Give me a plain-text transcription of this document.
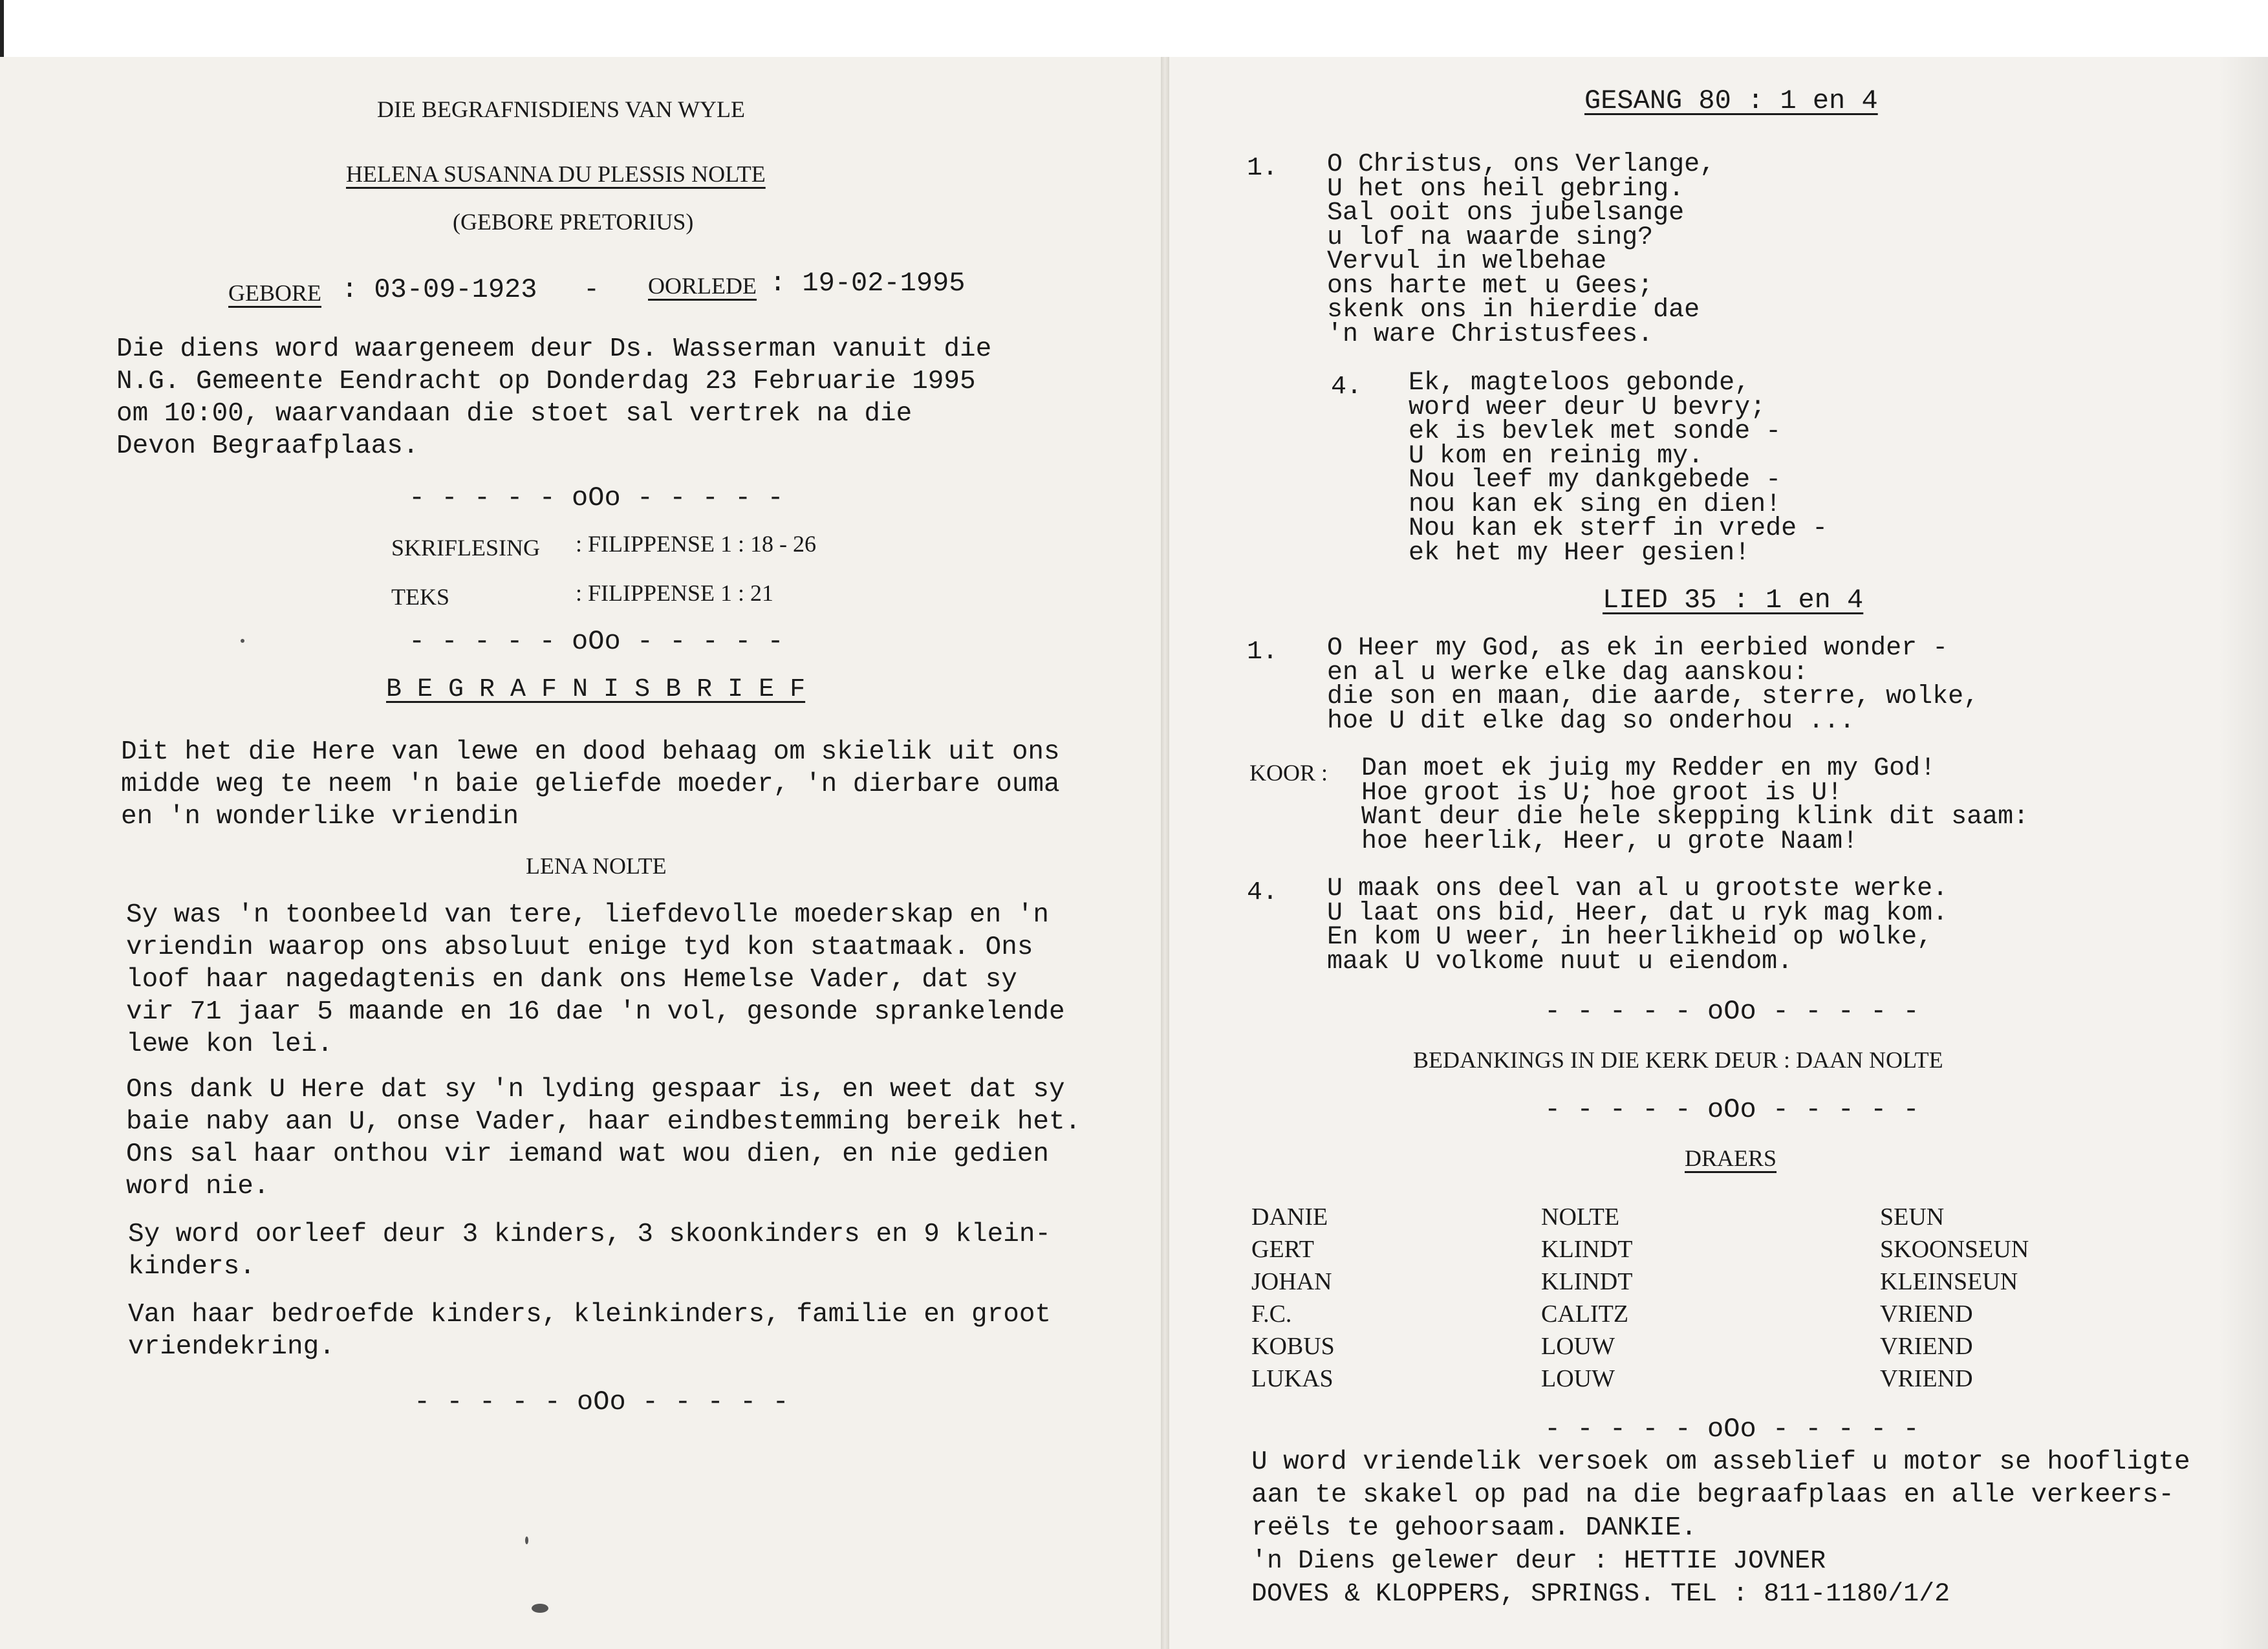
DIE BEGRAFNISDIENS VAN WYLE
HELENA SUSANNA DU PLESSIS NOLTE
(GEBORE PRETORIUS)
GEBORE : 03-09-1923 - OORLEDE : 19-02-1995
Die diens word waargeneem deur Ds. Wasserman vanuit die
N.G. Gemeente Eendracht op Donderdag 23 Februarie 1995
om 10:00, waarvandaan die stoet sal vertrek na die
Devon Begraafplaas.
- - - - - oOo - - - - -
SKRIFLESING : FILIPPENSE 1 : 18 - 26
TEKS	: FILIPPENSE 1 : 21
- - - - - oOo - - - - -
B E G R A F N I S B R I E F
Dit het die Here van lewe en dood behaag om skielik uit ons
midde weg te neem 'n baie geliefde moeder, 'n dierbare ouma
en 'n wonderlike vriendin
LENA NOLTE
Sy was 'n toonbeeld van tere, liefdevolle moederskap en 'n
vriendin waarop ons absoluut enige tyd kon staatmaak. Ons
loof haar nagedagtenis en dank ons Hemelse Vader, dat sy
vir 71 jaar 5 maande en 16 dae 'n vol, gesonde sprankelende
lewe kon lei.
Ons dank U Here dat sy 'n lyding gespaar is, en weet dat sy
baie naby aan U, onse Vader, haar eindbestemming bereik het.
Ons sal haar onthou vir iemand wat wou dien, en nie gedien
word nie.
Sy word oorleef deur 3 kinders, 3 skoonkinders en 9 klein-
kinders.
Van haar bedroefde kinders, kleinkinders, familie en groot
vriendekring.
- - - - - oOo - - - - -
GESANG 80 : 1 en 4
1. O Christus, ons Verlange,
U het ons heil gebring.
Sal ooit ons jubelsange
u lof na waarde sing?
Vervul in welbehae
ons harte met u Gees;
skenk ons in hierdie dae
'n ware Christusfees.
4. Ek, magteloos gebonde,
word weer deur U bevry;
ek is bevlek met sonde -
U kom en reinig my.
Nou leef my dankgebede -
nou kan ek sing en dien!
Nou kan ek sterf in vrede -
ek het my Heer gesien!
LIED 35 : 1 en 4
1. O Heer my God, as ek in eerbied wonder -
en al u werke elke dag aanskou:
die son en maan, die aarde, sterre, wolke,
hoe U dit elke dag so onderhou ...
KOOR : Dan moet ek juig my Redder en my God!
Hoe groot is U; hoe groot is U!
Want deur die hele skepping klink dit saam:
hoe heerlik, Heer, u grote Naam!
4. U maak ons deel van al u grootste werke.
U laat ons bid, Heer, dat u ryk mag kom.
En kom U weer, in heerlikheid op wolke,
maak U volkome nuut u eiendom.
- - - - - oOo - - - - -
BEDANKINGS IN DIE KERK DEUR : DAAN NOLTE
- - - - - oOo - - - - -
DRAERS
DANIE	NOLTE	SEUN
GERT	KLINDT	SKOONSEUN
JOHAN	KLINDT	KLEINSEUN
F.C.	CALITZ	VRIEND
KOBUS	LOUW	VRIEND
LUKAS	LOUW	VRIEND
- - - - - oOo - - - - -
U word vriendelik versoek om asseblief u motor se hoofligte
aan te skakel op pad na die begraafplaas en alle verkeers-
reëls te gehoorsaam. DANKIE.
'n Diens gelewer deur : HETTIE JOVNER
DOVES & KLOPPERS, SPRINGS. TEL : 811-1180/1/2
